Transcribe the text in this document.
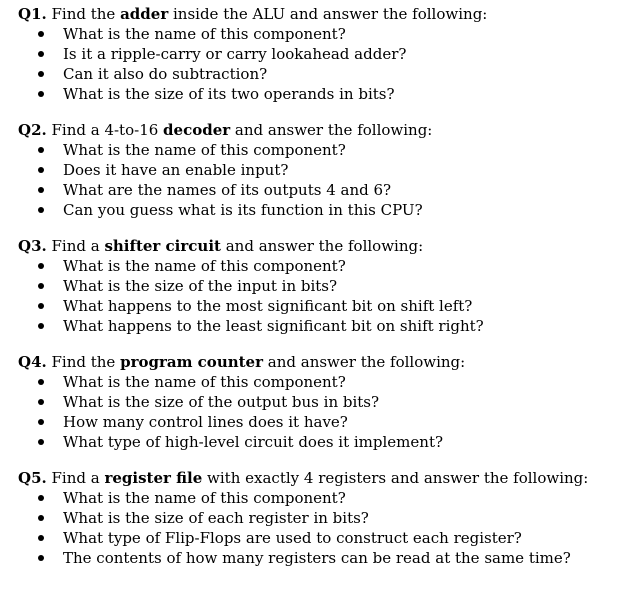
Q1. Find the adder inside the ALU and answer the following:
What is the name of this component?
Is it a ripple-carry or carry lookahead adder?
Can it also do subtraction?
What is the size of its two operands in bits?
Q2. Find a 4-to-16 decoder and answer the following:
What is the name of this component?
Does it have an enable input?
What are the names of its outputs 4 and 6?
Can you guess what is its function in this CPU?
Q3. Find a shifter circuit and answer the following:
What is the name of this component?
What is the size of the input in bits?
What happens to the most significant bit on shift left?
What happens to the least significant bit on shift right?
Q4. Find the program counter and answer the following:
What is the name of this component?
What is the size of the output bus in bits?
How many control lines does it have?
What type of high-level circuit does it implement?
Q5. Find a register file with exactly 4 registers and answer the following:
What is the name of this component?
What is the size of each register in bits?
What type of Flip-Flops are used to construct each register?
The contents of how many registers can be read at the same time?
